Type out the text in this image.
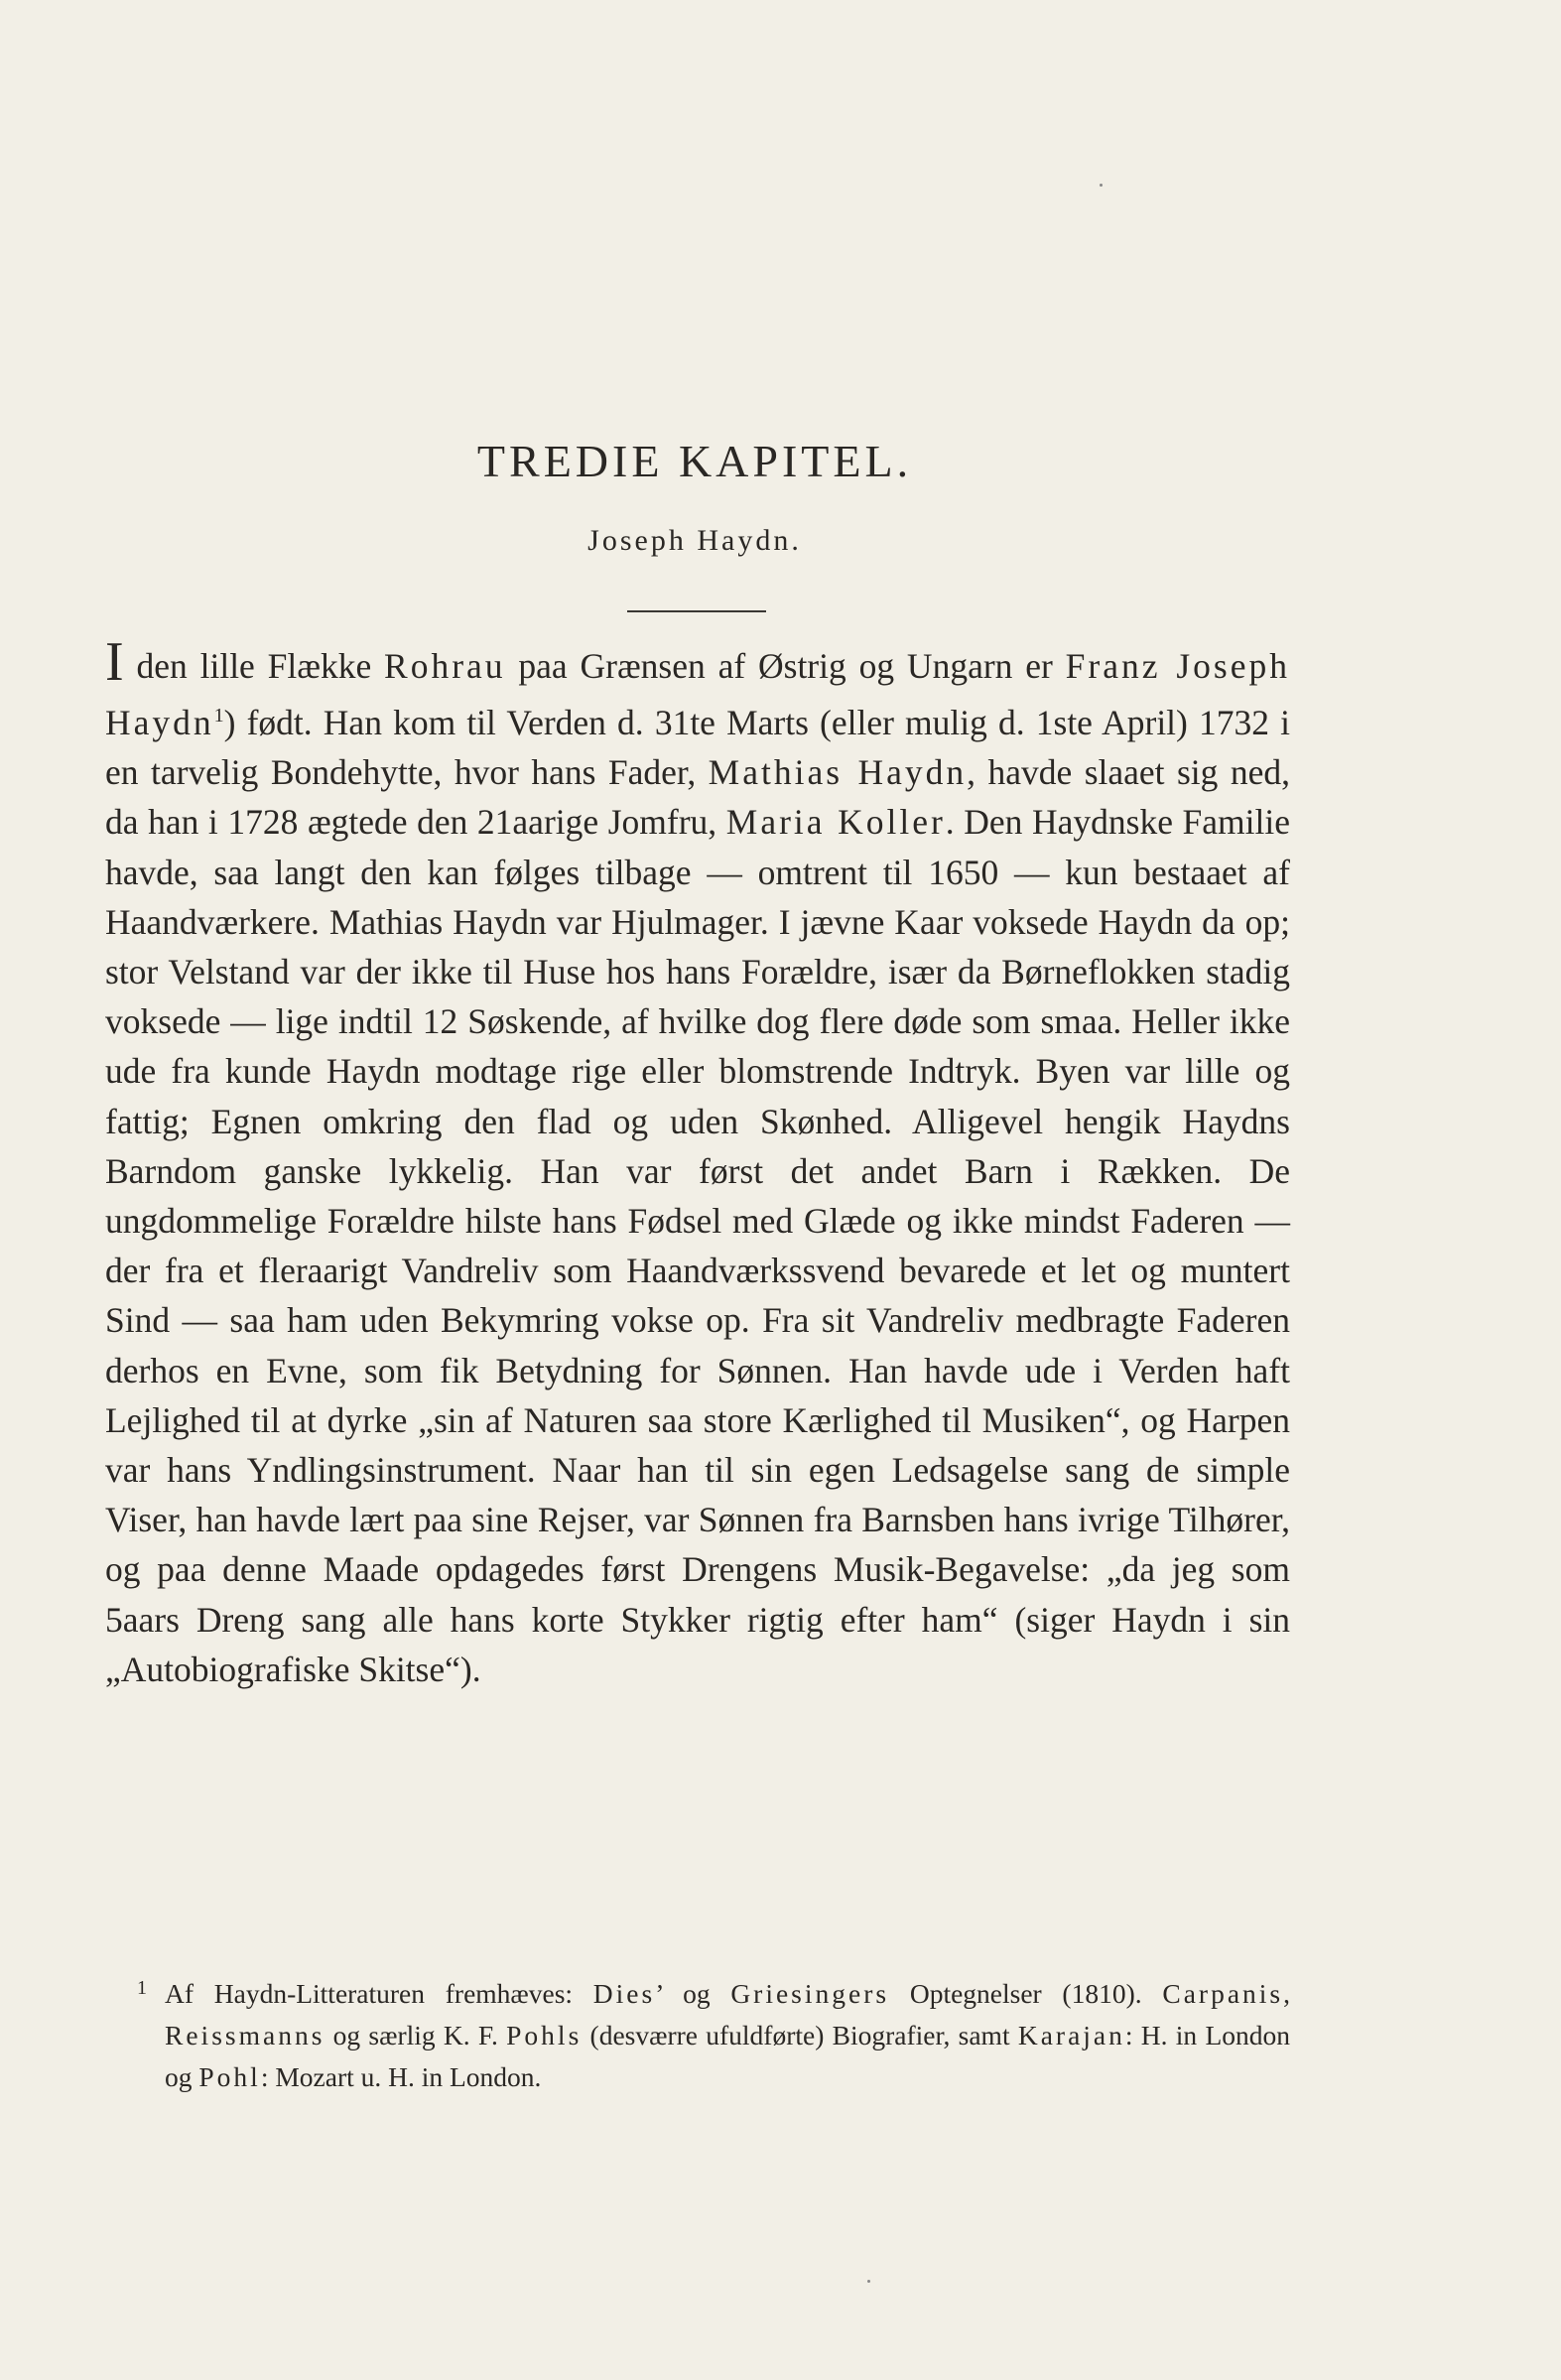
TREDIE KAPITEL.
Joseph Haydn.
I den lille Flække Rohrau paa Grænsen af Østrig og Ungarn er Franz Joseph Haydn$^1$) født. Han kom til Verden d. 31te Marts (eller mulig d. 1ste April) 1732 i en tarvelig Bondehytte, hvor hans Fader, Mathias Haydn, havde slaaet sig ned, da han i 1728 ægtede den 21aarige Jomfru, Maria Koller. Den Haydnske Familie havde, saa langt den kan følges tilbage — omtrent til 1650 — kun bestaaet af Haandværkere. Mathias Haydn var Hjulmager. I jævne Kaar voksede Haydn da op; stor Velstand var der ikke til Huse hos hans Forældre, især da Børneflokken stadig voksede — lige indtil 12 Søskende, af hvilke dog flere døde som smaa. Heller ikke ude fra kunde Haydn modtage rige eller blomstrende Indtryk. Byen var lille og fattig; Egnen omkring den flad og uden Skønhed. Alligevel hengik Haydns Barndom ganske lykkelig. Han var først det andet Barn i Rækken. De ungdommelige Forældre hilste hans Fødsel med Glæde og ikke mindst Faderen — der fra et fleraarigt Vandreliv som Haandværkssvend bevarede et let og muntert Sind — saa ham uden Bekymring vokse op. Fra sit Vandreliv medbragte Faderen derhos en Evne, som fik Betydning for Sønnen. Han havde ude i Verden haft Lejlighed til at dyrke „sin af Naturen saa store Kærlighed til Musiken“, og Harpen var hans Yndlingsinstrument. Naar han til sin egen Ledsagelse sang de simple Viser, han havde lært paa sine Rejser, var Sønnen fra Barnsben hans ivrige Tilhører, og paa denne Maade opdagedes først Drengens Musik-Begavelse: „da jeg som 5aars Dreng sang alle hans korte Stykker rigtig efter ham“ (siger Haydn i sin „Autobiografiske Skitse“).
1 Af Haydn-Litteraturen fremhæves: Dies’ og Griesingers Optegnelser (1810). Carpanis, Reissmanns og særlig K. F. Pohls (desværre ufuldførte) Biografier, samt Karajan: H. in London og Pohl: Mozart u. H. in London.
